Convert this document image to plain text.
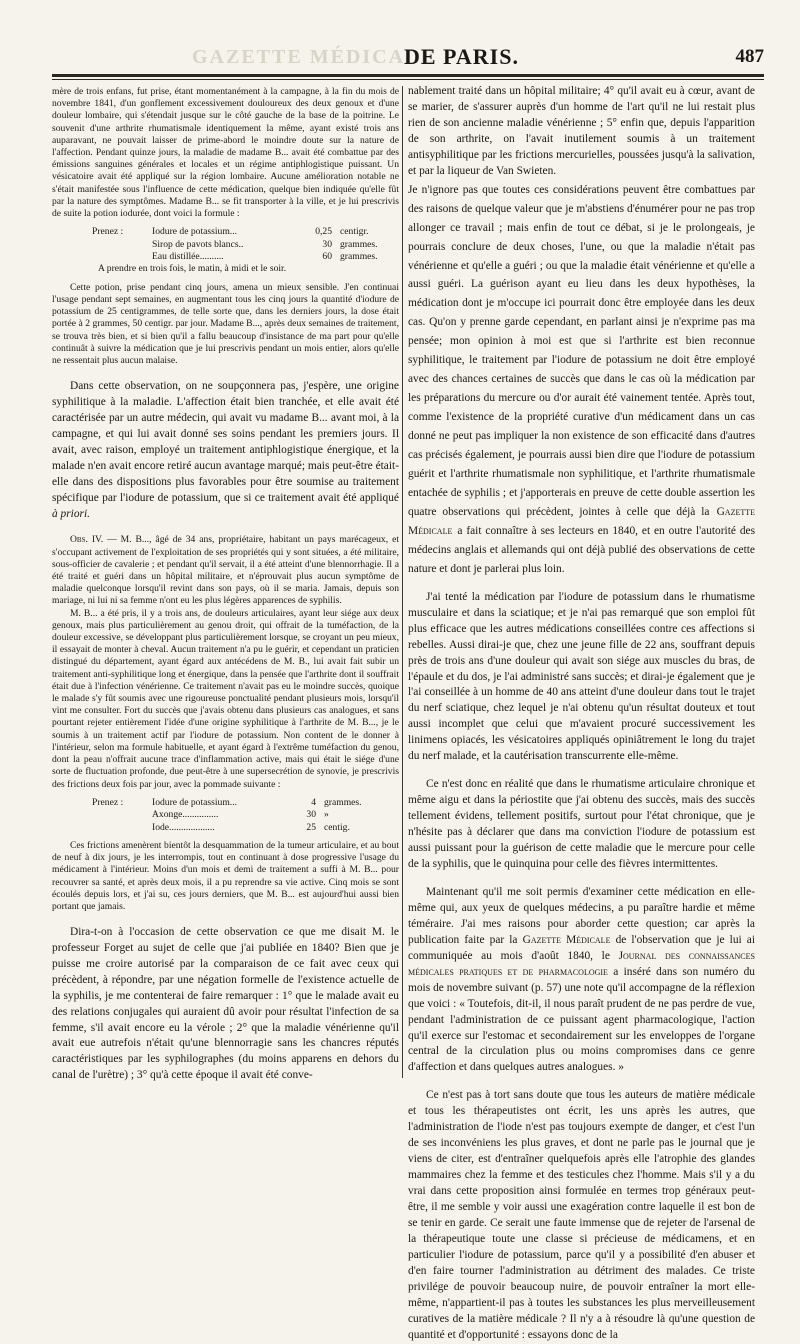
GAZETTE MÉDICALE
DE PARIS.	487

mère de trois enfans, fut prise, étant momentanément à la campagne, à la fin du mois de novembre 1841, d'un gonflement excessivement douloureux des deux genoux et d'une douleur lombaire, qui s'étendait jusque sur le côté gauche de la base de la poitrine. Le souvenit d'une arthrite rhumatismale identiquement la même, ayant existé trois ans auparavant, ne pouvait laisser de prime-abord le moindre doute sur la nature de l'affection. Pendant quinze jours, la maladie de madame B... avait été combattue par des émissions sanguines générales et locales et un régime antiphlogistique puissant. Un vésicatoire avait été appliqué sur la région lombaire. Aucune amélioration notable ne s'était manifestée sous l'influence de cette médication, quelque bien indiquée qu'elle fût par la nature des symptômes. Madame B... se fit transporter à la ville, et je lui prescrivis de suite la potion iodurée, dont voici la formule :

Prenez :	Iodure de potassium...	0,25	centigr.
	Sirop de pavots blancs..	30	grammes.
	Eau distillée..........	60	grammes.
A prendre en trois fois, le matin, à midi et le soir.

Cette potion, prise pendant cinq jours, amena un mieux sensible. J'en continuai l'usage pendant sept semaines, en augmentant tous les cinq jours la quantité d'iodure de potassium de 25 centigrammes, de telle sorte que, dans les derniers jours, la dose était portée à 2 grammes, 50 centigr. par jour. Madame B..., après deux semaines de traitement, se trouva très bien, et si bien qu'il a fallu beaucoup d'insistance de ma part pour qu'elle continuât à suivre la médication que je lui prescrivis pendant un mois entier, alors qu'elle ne ressentait plus aucun malaise.

Dans cette observation, on ne soupçonnera pas, j'espère, une origine syphilitique à la maladie. L'affection était bien tranchée, et elle avait été caractérisée par un autre médecin, qui avait vu madame B... avant moi, à la campagne, et qui lui avait donné ses soins pendant les premiers jours. Il avait, avec raison, employé un traitement antiphlogistique énergique, et la malade n'en avait encore retiré aucun avantage marqué; mais peut-être était-elle dans des dispositions plus favorables pour être soumise au traitement spécifique par l'iodure de potassium, que si ce traitement avait été appliqué à priori.

Obs. IV. — M. B..., âgé de 34 ans, propriétaire, habitant un pays marécageux, et s'occupant activement de l'exploitation de ses propriétés qui y sont situées, a été militaire, sous-officier de cavalerie ; et pendant qu'il servait, il a été atteint d'une blennorrhagie. Il a été traité et guéri dans un hôpital militaire, et n'éprouvait plus aucun symptôme de maladie quelconque lorsqu'il revint dans son pays, où il se maria. Jamais, depuis son mariage, ni lui ni sa femme n'ont eu les plus légères apparences de syphilis.

M. B... a été pris, il y a trois ans, de douleurs articulaires, ayant leur siége aux deux genoux, mais plus particulièrement au genou droit, qui offrait de la tuméfaction, de la douleur excessive, se développant plus particulièrement lorsque, se croyant un peu mieux, il essayait de monter à cheval. Aucun traitement n'a pu le guérir, et cependant un praticien distingué du département, ayant égard aux antécédens de M. B., lui avait fait subir un traitement anti-syphilitique long et énergique, dans la pensée que l'arthrite dont il souffrait était due à l'infection vénérienne. Ce traitement n'avait pas eu le moindre succès, quoique le malade s'y fût soumis avec une rigoureuse ponctualité pendant plusieurs mois, lorsqu'il vint me consulter. Fort du succès que j'avais obtenu dans plusieurs cas analogues, et sans pourtant rejeter entièrement l'idée d'une origine syphilitique à l'arthrite de M. B..., je le soumis à un traitement actif par l'iodure de potassium. Non content de le donner à l'intérieur, selon ma formule habituelle, et ayant égard à l'extrême tuméfaction du genou, dont la peau n'offrait aucune trace d'inflammation active, mais qui était le siége d'une sorte de fluctuation profonde, due peut-être à une supersecrétion de synovie, je prescrivis des frictions deux fois par jour, avec la pommade suivante :

Prenez :	Iodure de potassium...	4	grammes.
	Axonge...............	30	»
	Iode...................	25	centig.

Ces frictions amenèrent bientôt la desquammation de la tumeur articulaire, et au bout de neuf à dix jours, je les interrompis, tout en continuant à dose progressive l'usage du médicament à l'intérieur. Moins d'un mois et demi de traitement a suffi à M. B... pour recouvrer sa santé, et après deux mois, il a pu reprendre sa vie active. Cinq mois se sont écoulés depuis lors, et j'ai su, ces jours derniers, que M. B... est aujourd'hui aussi bien portant que jamais.

Dira-t-on à l'occasion de cette observation ce que me disait M. le professeur Forget au sujet de celle que j'ai publiée en 1840? Bien que je puisse me croire autorisé par la comparaison de ce fait avec ceux qui précèdent, à répondre, par une négation formelle de l'existence actuelle de la syphilis, je me contenterai de faire remarquer : 1° que le malade avait eu des relations conjugales qui auraient dû avoir pour résultat l'infection de sa femme, s'il avait encore eu la vérole ; 2° que la maladie vénérienne qu'il avait eue autrefois n'était qu'une blennorragie sans les chancres réputés caractéristiques par les syphilographes (du moins apparens en dehors du canal de l'urètre) ; 3° qu'à cette époque il avait été conve-

nablement traité dans un hôpital militaire; 4° qu'il avait eu à cœur, avant de se marier, de s'assurer auprès d'un homme de l'art qu'il ne lui restait plus rien de son ancienne maladie vénérienne ; 5° enfin que, depuis l'apparition de son arthrite, on l'avait inutilement soumis à un traitement antisyphilitique par les frictions mercurielles, poussées jusqu'à la salivation, et par la liqueur de Van Swieten.

Je n'ignore pas que toutes ces considérations peuvent être combattues par des raisons de quelque valeur que je m'abstiens d'énumérer pour ne pas trop allonger ce travail ; mais enfin de tout ce débat, si je le prolongeais, je pourrais conclure de deux choses, l'une, ou que la maladie n'était pas vénérienne et qu'elle a guéri ; ou que la maladie était vénérienne et qu'elle a aussi guéri. La guérison ayant eu lieu dans les deux hypothèses, la médication dont je m'occupe ici pourrait donc être employée dans les deux cas. Qu'on y prenne garde cependant, en parlant ainsi je n'exprime pas ma pensée; mon opinion à moi est que si l'arthrite est bien reconnue syphilitique, le traitement par l'iodure de potassium ne doit être employé avec des chances certaines de succès que dans le cas où la médication par les préparations du mercure ou d'or aurait été vainement tentée. Après tout, comme l'existence de la propriété curative d'un médicament dans un cas donné ne peut pas impliquer la non existence de son efficacité dans d'autres cas précisés également, je pourrais aussi bien dire que l'iodure de potassium guérit et l'arthrite rhumatismale non syphilitique, et l'arthrite rhumatismale entachée de syphilis ; et j'apporterais en preuve de cette double assertion les quatre observations qui précèdent, jointes à celle que déjà la Gazette Médicale a fait connaître à ses lecteurs en 1840, et en outre l'autorité des médecins anglais et allemands qui ont déjà publié des observations de cette nature et dont je parlerai plus loin.

J'ai tenté la médication par l'iodure de potassium dans le rhumatisme musculaire et dans la sciatique; et je n'ai pas remarqué que son emploi fût plus efficace que les autres médications conseillées contre ces affections si rebelles. Aussi dirai-je que, chez une jeune fille de 22 ans, souffrant depuis près de trois ans d'une douleur qui avait son siége aux muscles du bras, de l'épaule et du dos, je l'ai administré sans succès; et dirai-je également que je l'ai conseillée à un homme de 40 ans atteint d'une douleur dans tout le trajet du nerf sciatique, chez lequel je n'ai obtenu qu'un résultat douteux et tout aussi incomplet que celui que m'avaient procuré successivement les linimens opiacés, les vésicatoires appliqués opiniâtrement le long du trajet du nerf malade, et la cautérisation transcurrente elle-même.

Ce n'est donc en réalité que dans le rhumatisme articulaire chronique et même aigu et dans la périostite que j'ai obtenu des succès, mais des succès tellement évidens, tellement positifs, surtout pour l'état chronique, que je n'hésite pas à déclarer que dans ma conviction l'iodure de potassium est aussi puissant pour la guérison de cette maladie que le mercure pour celle de la syphilis, que le quinquina pour celle des fièvres intermittentes.

Maintenant qu'il me soit permis d'examiner cette médication en elle-même qui, aux yeux de quelques médecins, a pu paraître hardie et même téméraire. J'ai mes raisons pour aborder cette question; car après la publication faite par la Gazette Médicale de l'observation que je lui ai communiquée au mois d'août 1840, le Journal des connaissances médicales pratiques et de pharmacologie a inséré dans son numéro du mois de novembre suivant (p. 57) une note qu'il accompagne de la réflexion que voici : « Toutefois, dit-il, il nous paraît prudent de ne pas perdre de vue, pendant l'administration de ce puissant agent pharmacologique, l'action qu'il exerce sur l'estomac et secondairement sur les enveloppes de l'organe central de la circulation plus ou moins compromises dans ce genre d'affection et dans quelques autres analogues. »

Ce n'est pas à tort sans doute que tous les auteurs de matière médicale et tous les thérapeutistes ont écrit, les uns après les autres, que l'administration de l'iode n'est pas toujours exempte de danger, et c'est l'un de ses inconvéniens les plus graves, et dont ne parle pas le journal que je viens de citer, est d'entraîner quelquefois après elle l'atrophie des glandes mammaires chez la femme et des testicules chez l'homme. Mais s'il y a du vrai dans cette proposition ainsi formulée en termes trop généraux peut-être, il me semble y voir aussi une exagération contre laquelle il est bon de se tenir en garde. Ce serait une faute immense que de rejeter de l'arsenal de la thérapeutique toute une classe si précieuse de médicamens, et en particulier l'iodure de potassium, parce qu'il y a possibilité d'en abuser et d'en faire tourner l'administration au détriment des malades. Ce triste privilége de pouvoir beaucoup nuire, de pouvoir entraîner la mort elle-même, n'appartient-il pas à toutes les substances les plus merveilleusement curatives de la matière médicale ? Il n'y a à résoudre là qu'une question de quantité et d'opportunité : essayons donc de la
